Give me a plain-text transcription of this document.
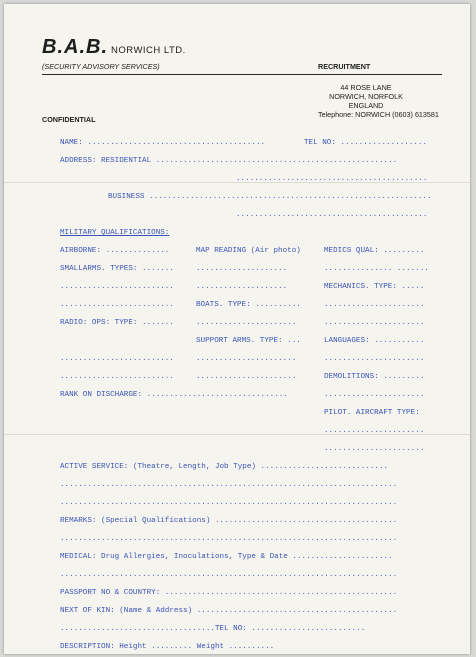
B.A.B. NORWICH LTD.
(SECURITY ADVISORY SERVICES)	RECRUITMENT
44 ROSE LANE
NORWICH, NORFOLK
ENGLAND
Telephone: NORWICH (0603) 613581
CONFIDENTIAL
NAME: .......................................	TEL NO: ...................
ADDRESS: RESIDENTIAL .....................................................
..........................................
BUSINESS ..............................................................
..........................................
MILITARY QUALIFICATIONS:
AIRBORNE: ..............
SMALLARMS. TYPES: .......
.........................
.........................
RADIO: OPS: TYPE: .......
.........................
.........................
MAP READING (Air photo)
....................
....................
BOATS. TYPE: ..........
......................
SUPPORT ARMS. TYPE: ...
......................
......................
MEDICS QUAL: .........
............... .......
MECHANICS. TYPE: .....
......................
......................
LANGUAGES: ...........
......................
DEMOLITIONS: .........
......................
PILOT. AIRCRAFT TYPE:
......................
......................
RANK ON DISCHARGE: ...............................
ACTIVE SERVICE: (Theatre, Length, Job Type) ............................
..........................................................................
..........................................................................
REMARKS: (Special Qualifications) ........................................
..........................................................................
MEDICAL: Drug Allergies, Inoculations, Type & Date ......................
..........................................................................
PASSPORT NO & COUNTRY: ...................................................
NEXT OF KIN: (Name & Address) ............................................
..................................TEL NO: .........................
DESCRIPTION: Height ......... Weight ..........
